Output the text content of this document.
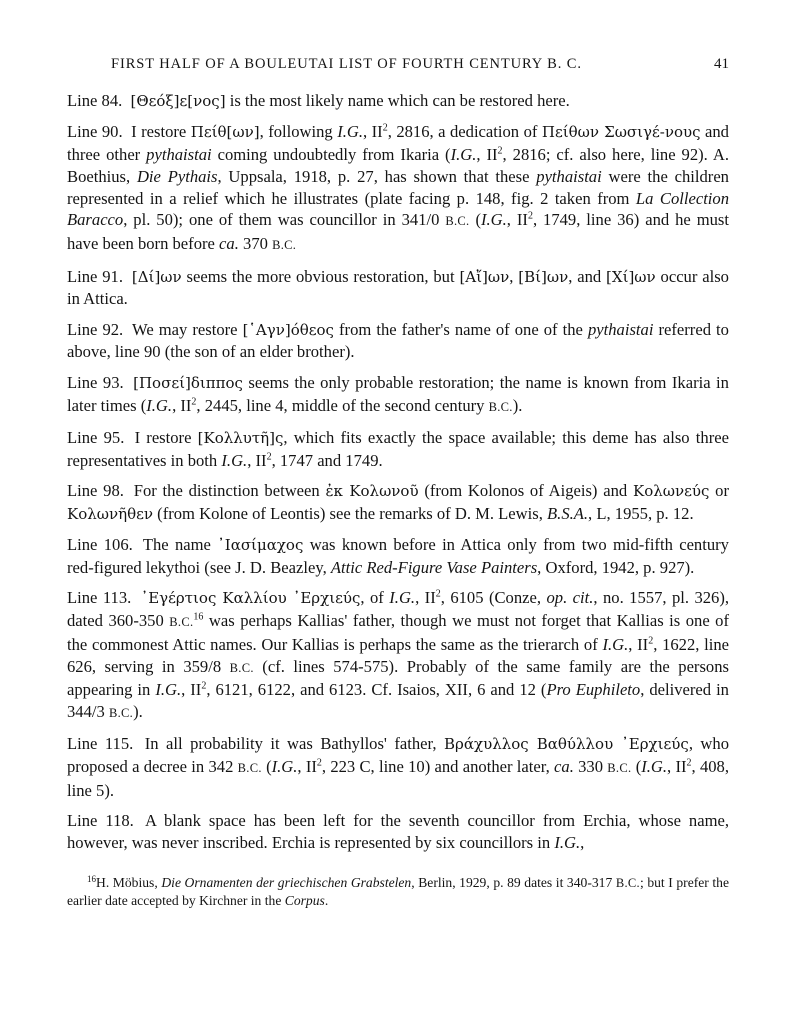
FIRST HALF OF A BOULEUTAI LIST OF FOURTH CENTURY B. C.	41

Line 84. [Θεόξ]ε[νος] is the most likely name which can be restored here.

Line 90. I restore Πείθ[ων], following I.G., $II^2$, 2816, a dedication of Πείθων Σωσιγέ-νους and three other pythaistai coming undoubtedly from Ikaria (I.G., $II^2$, 2816; cf. also here, line 92). A. Boethius, Die Pythais, Uppsala, 1918, p. 27, has shown that these pythaistai were the children represented in a relief which he illustrates (plate facing p. 148, fig. 2 taken from La Collection Baracco, pl. 50); one of them was councillor in 341/0 B.C. (I.G., $II^2$, 1749, line 36) and he must have been born before ca. 370 B.C.

Line 91. [Δί]ων seems the more obvious restoration, but [Αἴ]ων, [Βί]ων, and [Χί]ων occur also in Attica.

Line 92. We may restore [῾Αγν]όθεος from the father's name of one of the pythaistai referred to above, line 90 (the son of an elder brother).

Line 93. [Ποσεί]διππος seems the only probable restoration; the name is known from Ikaria in later times (I.G., $II^2$, 2445, line 4, middle of the second century B.C.).

Line 95. I restore [Κολλυτῆ]ς, which fits exactly the space available; this deme has also three representatives in both I.G., $II^2$, 1747 and 1749.

Line 98. For the distinction between ἐκ Κολωνοῦ (from Kolonos of Aigeis) and Κολωνεύς or Κολωνῆθεν (from Kolone of Leontis) see the remarks of D. M. Lewis, B.S.A., L, 1955, p. 12.

Line 106. The name ᾿Ιασίμαχος was known before in Attica only from two mid-fifth century red-figured lekythoi (see J. D. Beazley, Attic Red-Figure Vase Painters, Oxford, 1942, p. 927).

Line 113. ᾿Εγέρτιος Καλλίου ᾿Ερχιεύς, of I.G., $II^2$, 6105 (Conze, op. cit., no. 1557, pl. 326), dated 360-350 B.C.$^{16}$ was perhaps Kallias' father, though we must not forget that Kallias is one of the commonest Attic names. Our Kallias is perhaps the same as the trierarch of I.G., $II^2$, 1622, line 626, serving in 359/8 B.C. (cf. lines 574-575). Probably of the same family are the persons appearing in I.G., $II^2$, 6121, 6122, and 6123. Cf. Isaios, XII, 6 and 12 (Pro Euphileto, delivered in 344/3 B.C.).

Line 115. In all probability it was Bathyllos' father, Βράχυλλος Βαθύλλου ᾿Ερχιεύς, who proposed a decree in 342 B.C. (I.G., $II^2$, 223 C, line 10) and another later, ca. 330 B.C. (I.G., $II^2$, 408, line 5).

Line 118. A blank space has been left for the seventh councillor from Erchia, whose name, however, was never inscribed. Erchia is represented by six councillors in I.G.,

$^{16}$H. Möbius, Die Ornamenten der griechischen Grabstelen, Berlin, 1929, p. 89 dates it 340-317 B.C.; but I prefer the earlier date accepted by Kirchner in the Corpus.
